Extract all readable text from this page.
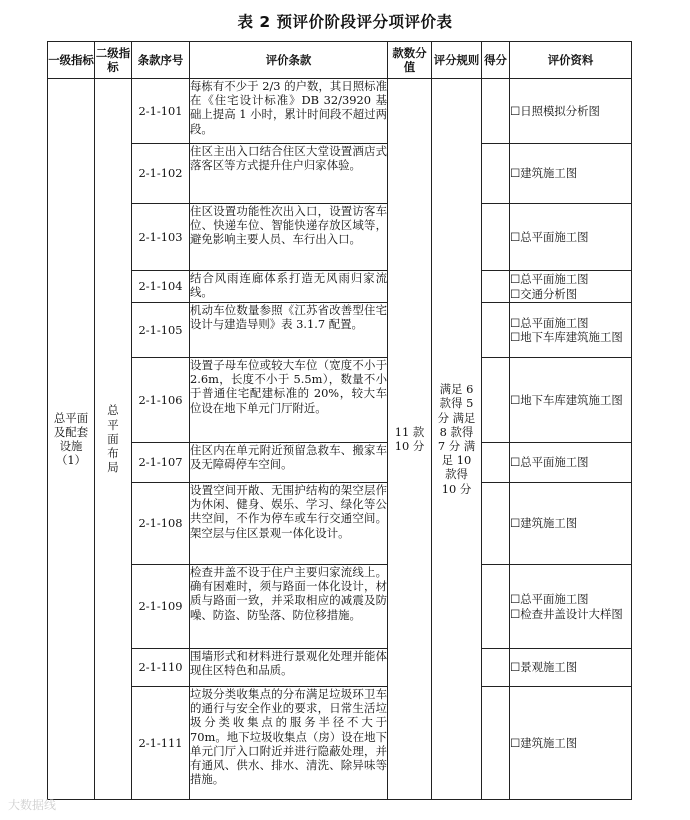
表 2 预评价阶段评分项评价表
一级指标	二级指标	条款序号	评价条款	款数分值	评分规则	得分	评价资料
总平面及配套设施（1）	总平面布局	2-1-101	每栋有不少于 2/3 的户数，其日照标准在《住宅设计标准》DB 32/3920 基础上提高 1 小时，累计时间段不超过两段。	11 款 10 分	满足 6 款得 5 分 满足 8 款得 7 分 满足 10 款得 10 分		☐日照模拟分析图

		2-1-102	住区主出入口结合住区大堂设置酒店式落客区等方式提升住户归家体验。				☐建筑施工图

		2-1-103	住区设置功能性次出入口，设置访客车位、快递车位、智能快递存放区域等，避免影响主要人员、车行出入口。				☐总平面施工图

		2-1-104	结合风雨连廊体系打造无风雨归家流线。				☐总平面施工图
☐交通分析图

		2-1-105	机动车位数量参照《江苏省改善型住宅设计与建造导则》表 3.1.7 配置。				☐总平面施工图
☐地下车库建筑施工图

		2-1-106	设置子母车位或较大车位（宽度不小于 2.6m，长度不小于 5.5m），数量不小于普通住宅配建标准的 20%，较大车位设在地下单元门厅附近。				☐地下车库建筑施工图

		2-1-107	住区内在单元附近预留急救车、搬家车及无障碍停车空间。				☐总平面施工图

		2-1-108	设置空间开敞、无围护结构的架空层作为休闲、健身、娱乐、学习、绿化等公共空间，不作为停车或车行交通空间。架空层与住区景观一体化设计。				☐建筑施工图

		2-1-109	检查井盖不设于住户主要归家流线上。确有困难时，须与路面一体化设计，材质与路面一致，并采取相应的减震及防噪、防盗、防坠落、防位移措施。				☐总平面施工图
☐检查井盖设计大样图

		2-1-110	围墙形式和材料进行景观化处理并能体现住区特色和品质。				☐景观施工图

		2-1-111	垃圾分类收集点的分布满足垃圾环卫车的通行与安全作业的要求，日常生活垃圾分类收集点的服务半径不大于 70m。地下垃圾收集点（房）设在地下单元门厅入口附近并进行隐蔽处理，并有通风、供水、排水、清洗、除异味等措施。				☐建筑施工图
大数据线
